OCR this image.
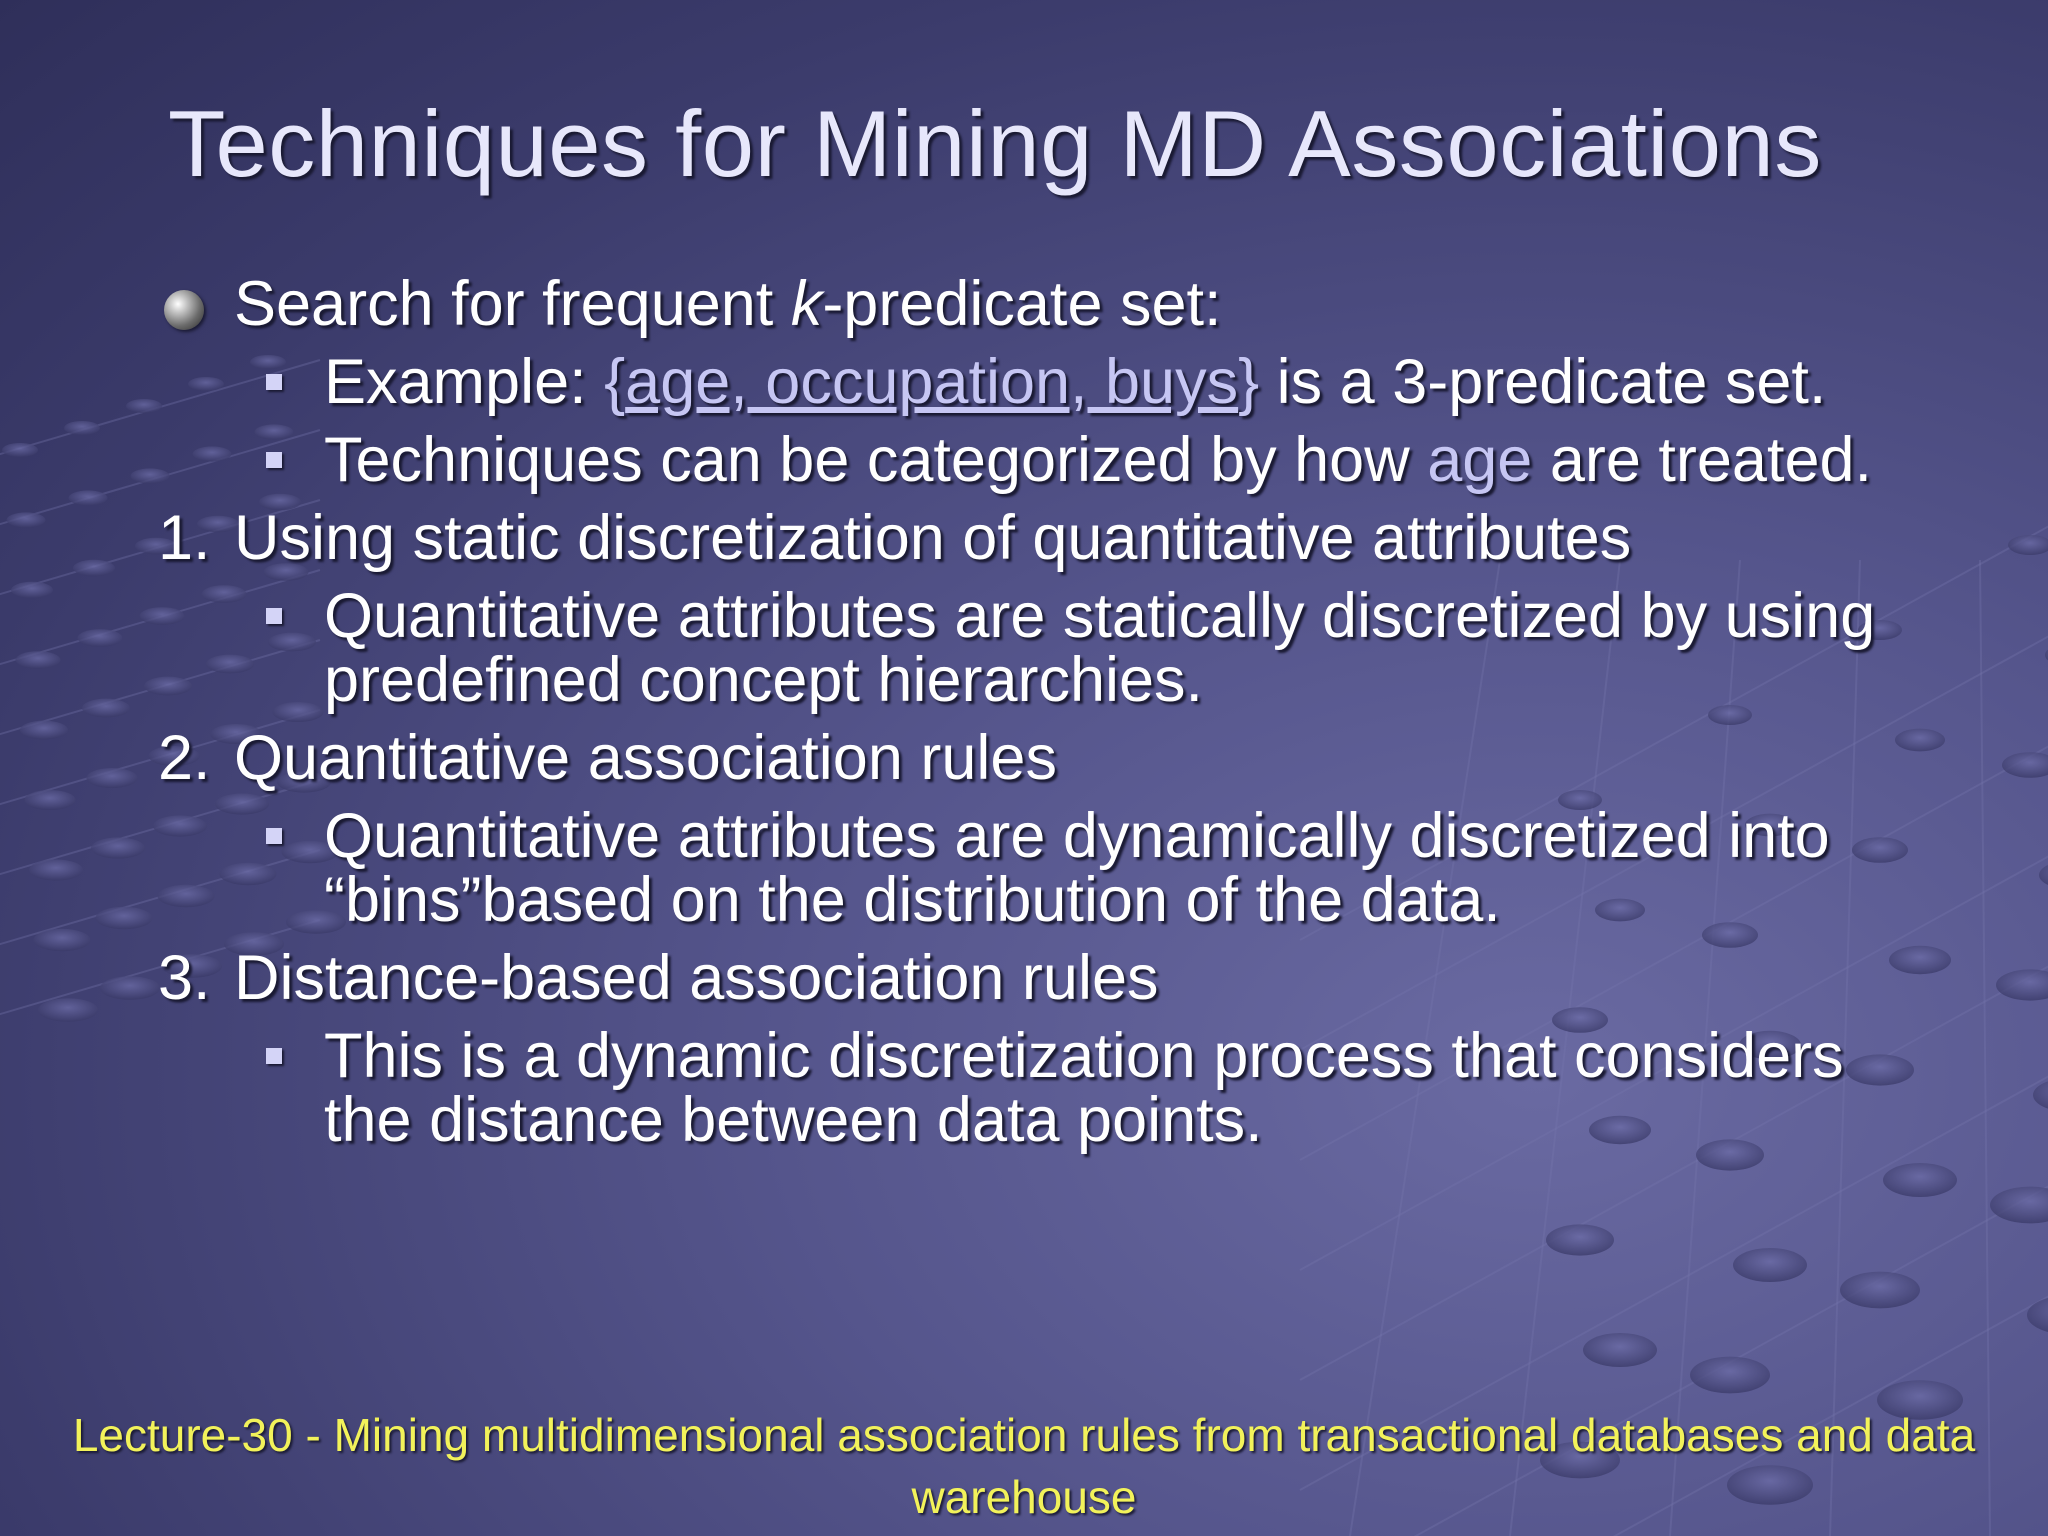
Techniques for Mining MD Associations
Search for frequent k-predicate set:
Example: {age, occupation, buys} is a 3-predicate set.
Techniques can be categorized by how age are treated.
1. Using static discretization of quantitative attributes
Quantitative attributes are statically discretized by using predefined concept hierarchies.
2. Quantitative association rules
Quantitative attributes are dynamically discretized into “bins”based on the distribution of the data.
3. Distance-based association rules
This is a dynamic discretization process that considers the distance between data points.
Lecture-30 - Mining multidimensional association rules from transactional databases and data warehouse
